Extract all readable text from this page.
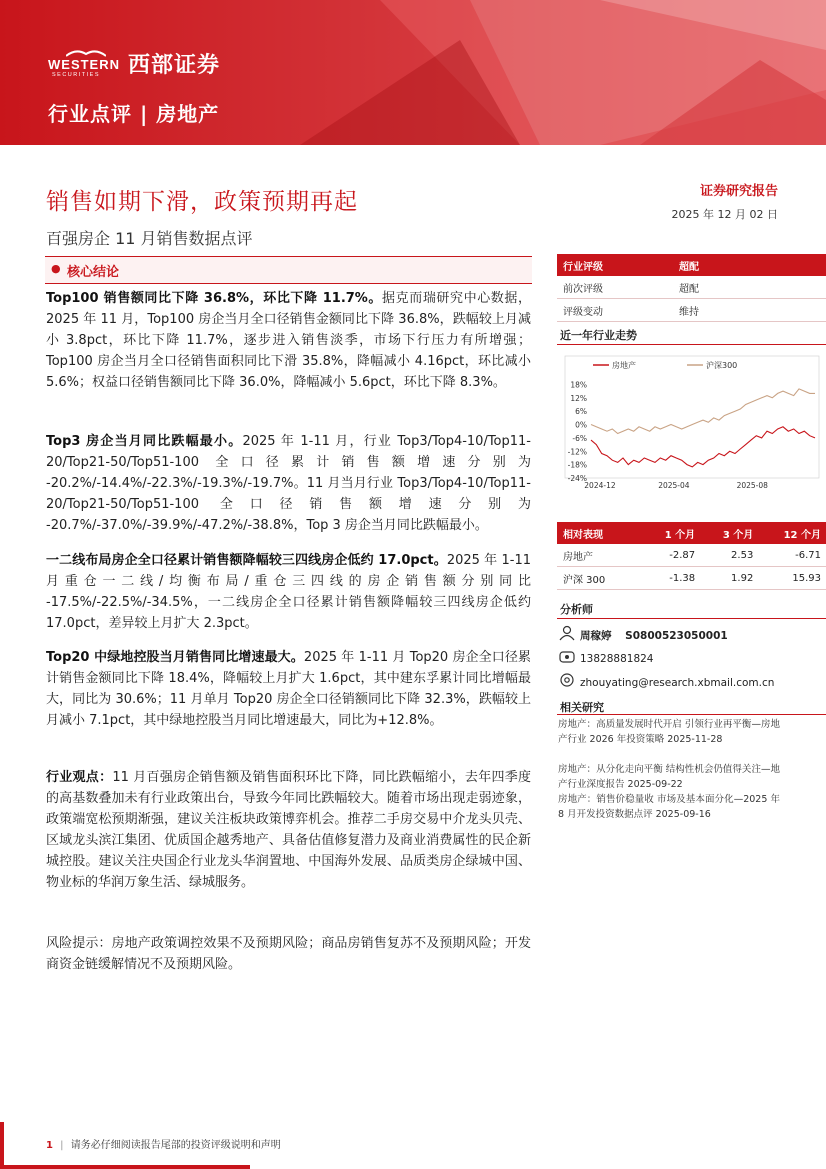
WESTERN
SECURITIES 西部证券
行业点评 | 房地产
销售如期下滑，政策预期再起
百强房企 11 月销售数据点评
证券研究报告
2025 年 12 月 02 日
● 核心结论
Top100 销售额同比下降 36.8%，环比下降 11.7%。据克而瑞研究中心数据，2025 年 11 月，Top100 房企当月全口径销售金额同比下降 36.8%，跌幅较上月减小 3.8pct，环比下降 11.7%，逐步进入销售淡季，市场下行压力有所增强；Top100 房企当月全口径销售面积同比下滑 35.8%，降幅减小 4.16pct，环比减小 5.6%；权益口径销售额同比下降 36.0%，降幅减小 5.6pct，环比下降 8.3%。
Top3 房企当月同比跌幅最小。2025 年 1-11 月，行业 Top3/Top4-10/Top11-20/Top21-50/Top51-100 全口径累计销售额增速分别为 -20.2%/-14.4%/-22.3%/-19.3%/-19.7%。11 月当月行业 Top3/Top4-10/Top11-20/Top21-50/Top51-100 全口径销售额增速分别为 -20.7%/-37.0%/-39.9%/-47.2%/-38.8%，Top 3 房企当月同比跌幅最小。
一二线布局房企全口径累计销售额降幅较三四线房企低约 17.0pct。2025 年 1-11 月重仓一二线/均衡布局/重仓三四线的房企销售额分别同比 -17.5%/-22.5%/-34.5%，一二线房企全口径累计销售额降幅较三四线房企低约 17.0pct，差异较上月扩大 2.3pct。
Top20 中绿地控股当月销售同比增速最大。2025 年 1-11 月 Top20 房企全口径累计销售金额同比下降 18.4%，降幅较上月扩大 1.6pct，其中建东孚累计同比增幅最大，同比为 30.6%；11 月单月 Top20 房企全口径销额同比下降 32.3%，跌幅较上月减小 7.1pct，其中绿地控股当月同比增速最大，同比为+12.8%。
行业观点：11 月百强房企销售额及销售面积环比下降，同比跌幅缩小，去年四季度的高基数叠加未有行业政策出台，导致今年同比跌幅较大。随着市场出现走弱迹象，政策端宽松预期渐强，建议关注板块政策博弈机会。推荐二手房交易中介龙头贝壳、区域龙头滨江集团、优质国企越秀地产、具备估值修复潜力及商业消费属性的民企新城控股。建议关注央国企行业龙头华润置地、中国海外发展、品质类房企绿城中国、物业标的华润万象生活、绿城服务。
风险提示：房地产政策调控效果不及预期风险；商品房销售复苏不及预期风险；开发商资金链缓解情况不及预期风险。
行业评级	超配
前次评级	超配
评级变动	维持
近一年行业走势
房地产	沪深300
18%
12%
6%
0%
-6%
-12%
-18%
-24%
2024-12	2025-04	2025-08
相对表现	1 个月	3 个月	12 个月
房地产	-2.87	2.53	-6.71
沪深 300	-1.38	1.92	15.93
分析师
周稼婷 S0800523050001
13828881824
zhouyating@research.xbmail.com.cn
相关研究
房地产：高质量发展时代开启 引领行业再平衡—房地产行业 2026 年投资策略 2025-11-28
房地产：从分化走向平衡 结构性机会仍值得关注—地产行业深度报告 2025-09-22
房地产：销售价稳量收 市场及基本面分化—2025 年 8 月开发投资数据点评 2025-09-16
1 | 请务必仔细阅读报告尾部的投资评级说明和声明
